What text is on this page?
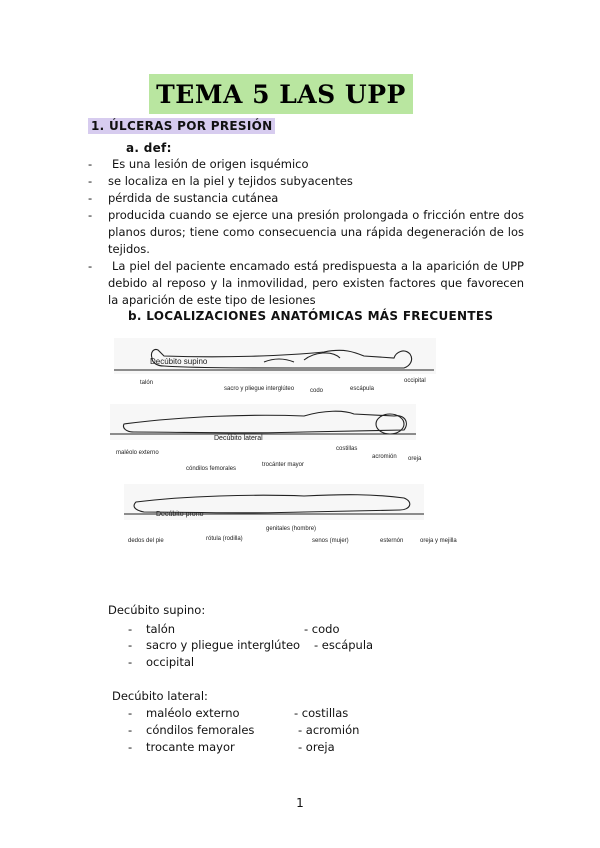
TEMA 5 LAS UPP
1. ÚLCERAS POR PRESIÓN
a. def:
- Es una lesión de origen isquémico
- se localiza en la piel y tejidos subyacentes
- pérdida de sustancia cutánea
- producida cuando se ejerce una presión prolongada o fricción entre dos planos duros; tiene como consecuencia una rápida degeneración de los tejidos.
-	La piel del paciente encamado está predispuesta a la aparición de UPP debido al reposo y la inmovilidad, pero existen factores que favorecen la aparición de este tipo de lesiones
b. LOCALIZACIONES ANATÓMICAS MÁS FRECUENTES
Decúbito supino
talón
sacro y pliegue interglúteo	codo	escápula
occipital
Decúbito lateral
maléolo externo
cóndilos femorales
trocánter mayor
costillas
acromión oreja
Decúbito prono
dedos del pie	rótula (rodilla)
genitales (hombre)
senos (mujer)	esternón	oreja y mejilla
Decúbito supino:
- talón	- codo
- sacro y pliegue interglúteo - escápula
- occipital
Decúbito lateral:
- maléolo externo	- costillas
- cóndilos femorales	- acromión
- trocante mayor	- oreja
1
